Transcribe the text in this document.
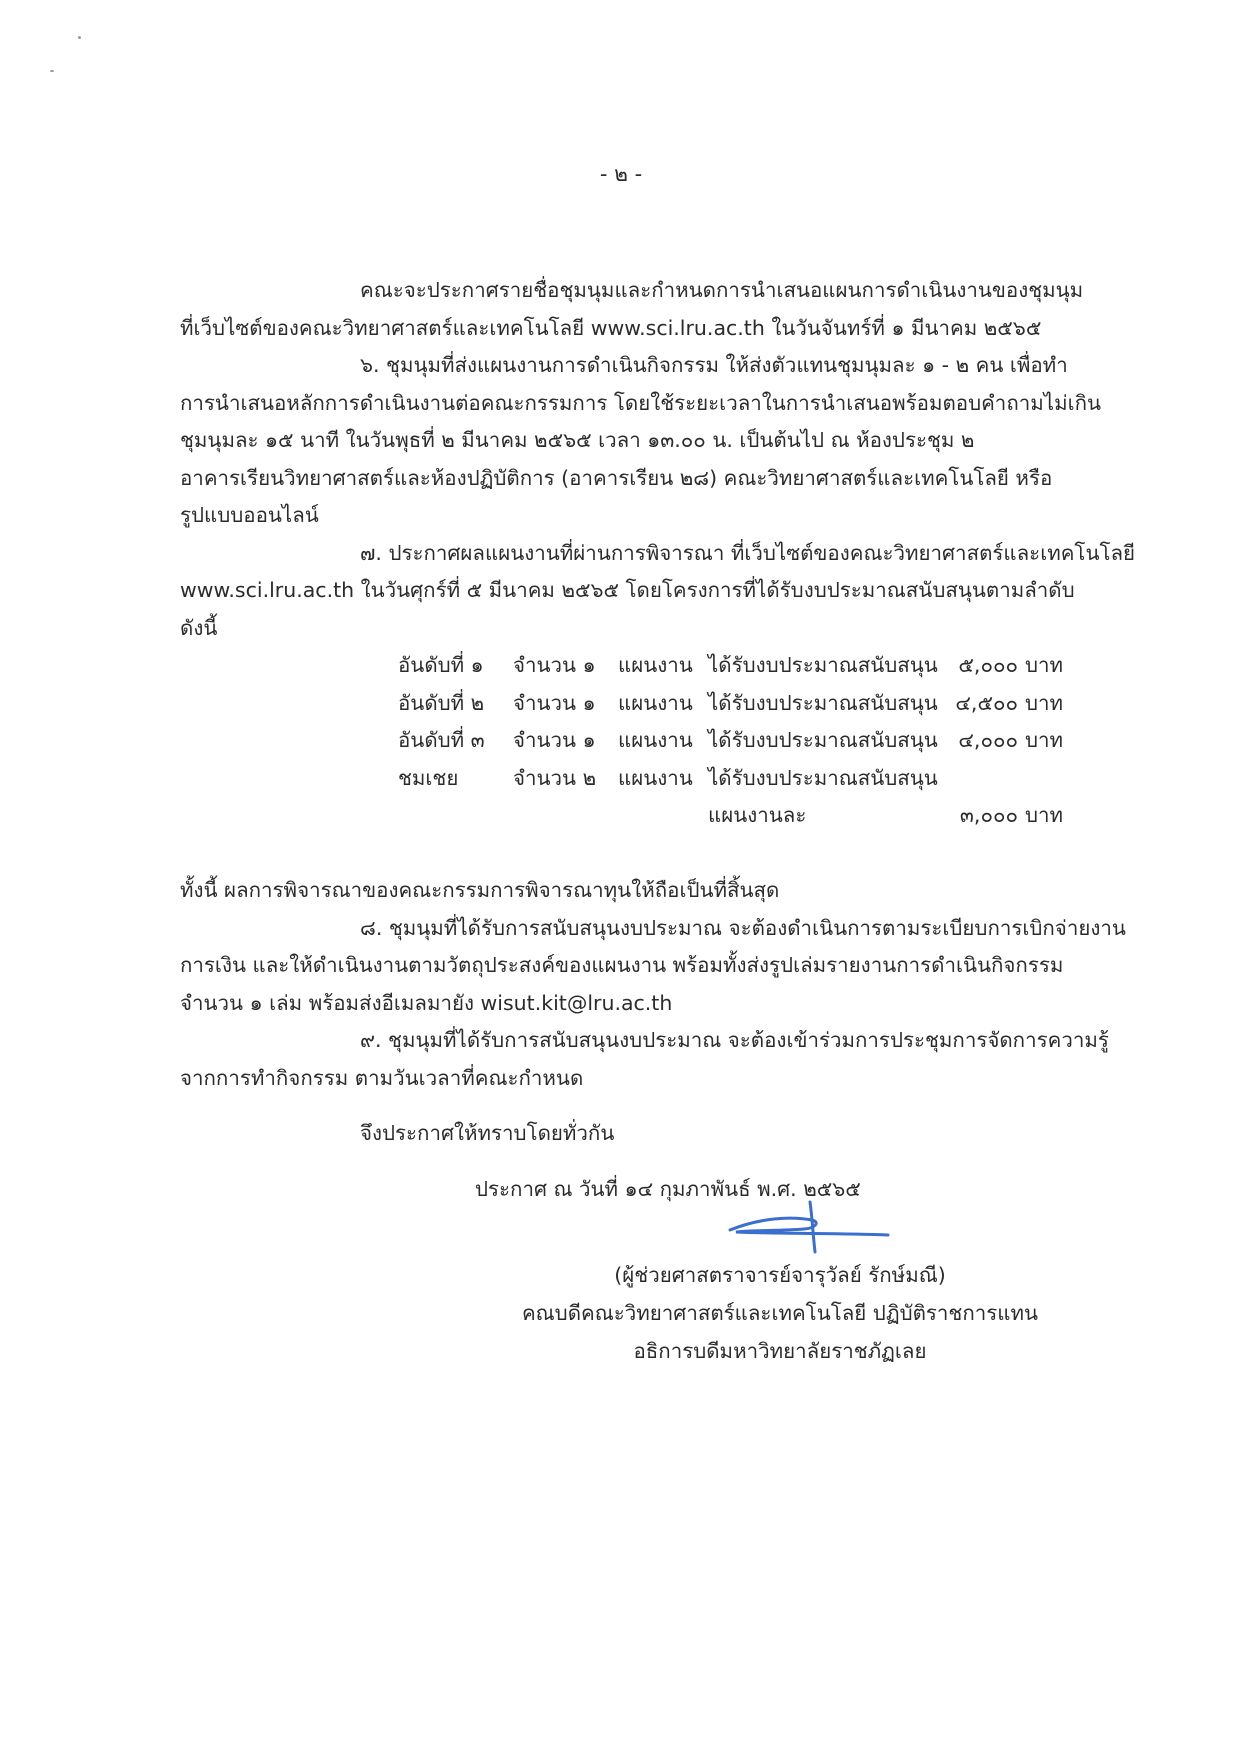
- ๒ -
คณะจะประกาศรายชื่อชุมนุมและกำหนดการนำเสนอแผนการดำเนินงานของชุมนุม
ที่เว็บไซต์ของคณะวิทยาศาสตร์และเทคโนโลยี www.sci.lru.ac.th ในวันจันทร์ที่ ๑ มีนาคม ๒๕๖๕
๖. ชุมนุมที่ส่งแผนงานการดำเนินกิจกรรม ให้ส่งตัวแทนชุมนุมละ ๑ - ๒ คน เพื่อทำ
การนำเสนอหลักการดำเนินงานต่อคณะกรรมการ โดยใช้ระยะเวลาในการนำเสนอพร้อมตอบคำถามไม่เกิน
ชุมนุมละ ๑๕ นาที ในวันพุธที่ ๒ มีนาคม ๒๕๖๕ เวลา ๑๓.๐๐ น. เป็นต้นไป ณ ห้องประชุม ๒
อาคารเรียนวิทยาศาสตร์และห้องปฏิบัติการ (อาคารเรียน ๒๘) คณะวิทยาศาสตร์และเทคโนโลยี หรือ
รูปแบบออนไลน์
๗. ประกาศผลแผนงานที่ผ่านการพิจารณา ที่เว็บไซต์ของคณะวิทยาศาสตร์และเทคโนโลยี
www.sci.lru.ac.th ในวันศุกร์ที่ ๕ มีนาคม ๒๕๖๕ โดยโครงการที่ได้รับงบประมาณสนับสนุนตามลำดับ
ดังนี้
อันดับที่ ๑	จำนวน ๑	แผนงาน ได้รับงบประมาณสนับสนุน	๕,๐๐๐ บาท
อันดับที่ ๒	จำนวน ๑	แผนงาน ได้รับงบประมาณสนับสนุน ๔,๕๐๐ บาท
อันดับที่ ๓	จำนวน ๑	แผนงาน ได้รับงบประมาณสนับสนุน	๔,๐๐๐ บาท
ชมเชย	จำนวน ๒	แผนงาน ได้รับงบประมาณสนับสนุน
แผนงานละ	๓,๐๐๐ บาท
ทั้งนี้ ผลการพิจารณาของคณะกรรมการพิจารณาทุนให้ถือเป็นที่สิ้นสุด
๘. ชุมนุมที่ได้รับการสนับสนุนงบประมาณ จะต้องดำเนินการตามระเบียบการเบิกจ่ายงาน
การเงิน และให้ดำเนินงานตามวัตถุประสงค์ของแผนงาน พร้อมทั้งส่งรูปเล่มรายงานการดำเนินกิจกรรม
จำนวน ๑ เล่ม พร้อมส่งอีเมลมายัง wisut.kit@lru.ac.th
๙. ชุมนุมที่ได้รับการสนับสนุนงบประมาณ จะต้องเข้าร่วมการประชุมการจัดการความรู้
จากการทำกิจกรรม ตามวันเวลาที่คณะกำหนด
จึงประกาศให้ทราบโดยทั่วกัน
ประกาศ ณ วันที่ ๑๔ กุมภาพันธ์ พ.ศ. ๒๕๖๕
(ผู้ช่วยศาสตราจารย์จารุวัลย์ รักษ์มณี)
คณบดีคณะวิทยาศาสตร์และเทคโนโลยี ปฏิบัติราชการแทน
อธิการบดีมหาวิทยาลัยราชภัฏเลย
